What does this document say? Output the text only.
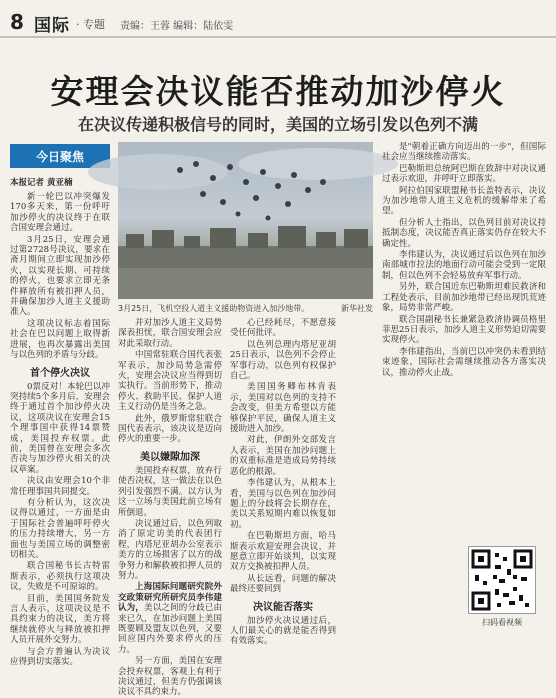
8 国际 · 专题 责编：王蓉 编辑：陆依雯
安理会决议能否推动加沙停火
在决议传递积极信号的同时，美国的立场引发以色列不满
今日聚焦
3月25日，飞机空投人道主义援助物资进入加沙地带。	新华社发
本报记者 黄亚楠

新一轮巴以冲突爆发170多天来，第一份呼吁加沙停火的决议终于在联合国安理会通过。

3月25日，安理会通过第2728号决议，要求在斋月期间立即实现加沙停火，以实现长期、可持续的停火，也要求立即无条件释放所有被扣押人员，并确保加沙人道主义援助准入。

这项决议标志着国际社会在巴以问题上取得新进展，也再次暴露出美国与以色列的矛盾与分歧。

首个停火决议

0票反对！本轮巴以冲突持续5个多月后，安理会终于通过首个加沙停火决议，这项决议在安理会15个理事国中获得14票赞成，美国投弃权票。此前，美国曾在安理会多次否决与加沙停火相关的决议草案。

决议由安理会10个非常任理事国共同提交。

有分析认为，这次决议得以通过，一方面是由于国际社会普遍呼吁停火的压力持续增大，另一方面也与美国立场的调整密切相关。

联合国秘书长古特雷斯表示，必须执行这项决议，失败是不可原谅的。

目前，美国国务院发言人表示，这项决议是不具约束力的决议，美方将继续就停火与释放被扣押人员开展外交努力。

与会方普遍认为决议应得到切实落实。

并对加沙人道主义局势深表担忧，联合国安理会应对此采取行动。

中国常驻联合国代表张军表示，加沙局势急需停火，安理会决议应当得到切实执行。当前形势下，推动停火、救助平民、保护人道主义行动仍是当务之急。

此外，俄罗斯常驻联合国代表表示，该决议是迈向停火的重要一步。

美以嫌隙加深

美国投弃权票，放弃行使否决权，这一做法在以色列引发强烈不满。以方认为这一立场与美国此前立场有所倒退。

决议通过后，以色列取消了原定访美的代表团行程，内塔尼亚胡办公室表示美方的立场损害了以方的战争努力和解救被扣押人员的努力。

上海国际问题研究院外交政策研究所研究员李伟建认为，美以之间的分歧已由来已久，在加沙问题上美国既要顾及盟友以色列，又要回应国内外要求停火的压力。

另一方面，美国在安理会投弃权票，客观上有利于决议通过，但美方仍强调该决议不具约束力。

心已经耗尽，不愿意接受任何批评。

以色列总理内塔尼亚胡25日表示，以色列不会停止军事行动，以色列有权保护自己。

美国国务卿布林肯表示，美国对以色列的支持不会改变，但美方希望以方能够保护平民，确保人道主义援助进入加沙。

对此，伊朗外交部发言人表示，美国在加沙问题上的双重标准是造成局势持续恶化的根源。

李伟建认为，从根本上看，美国与以色列在加沙问题上的分歧将会长期存在，美以关系短期内难以恢复如初。

在巴勒斯坦方面，哈马斯表示欢迎安理会决议，并愿意立即开始谈判，以实现双方交换被扣押人员。

从长远看，问题的解决最终还要回到

决议能否落实

加沙停火决议通过后，人们最关心的就是能否得到有效落实。

是"朝着正确方向迈出的一步"，但国际社会应当继续推动落实。

巴勒斯坦总统阿巴斯在致辞中对决议通过表示欢迎，并呼吁立即落实。

阿拉伯国家联盟秘书长盖特表示，决议为加沙地带人道主义危机的缓解带来了希望。

但分析人士指出，以色列目前对决议持抵制态度，决议能否真正落实仍存在较大不确定性。

李伟建认为，决议通过后以色列在加沙南部城市拉法的地面行动可能会受到一定限制，但以色列不会轻易放弃军事行动。

另外，联合国近东巴勒斯坦难民救济和工程处表示，目前加沙地带已经出现饥荒迹象，局势非常严峻。

联合国副秘书长兼紧急救济协调员格里菲思25日表示，加沙人道主义形势迫切需要实现停火。

李伟建指出，当前巴以冲突仍未看到结束迹象，国际社会需继续推动各方落实决议，推动停火止战。

扫码看视频
